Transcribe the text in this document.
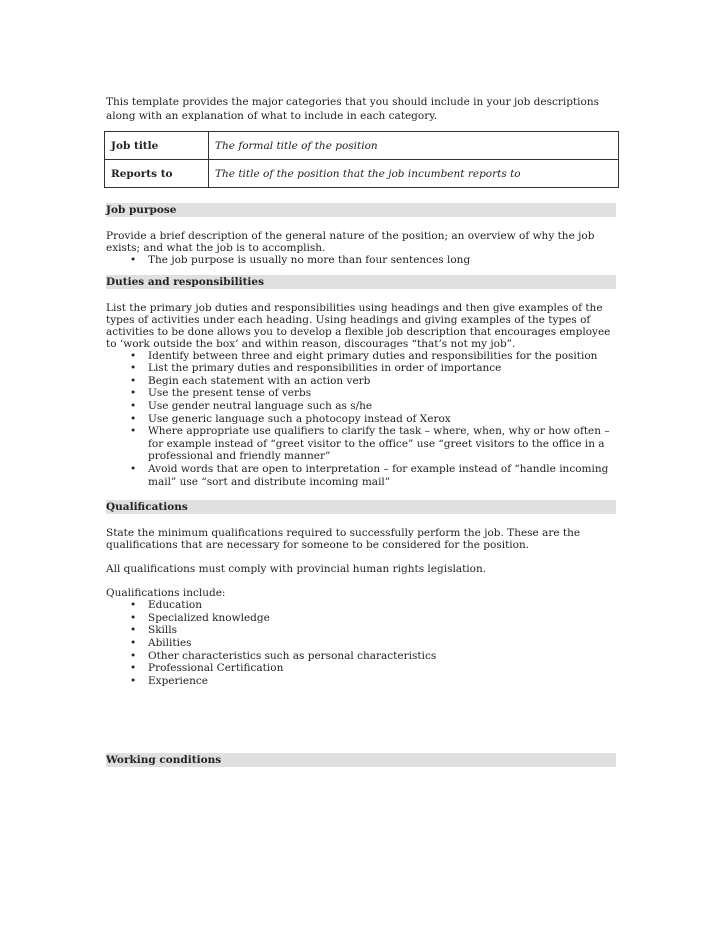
This template provides the major categories that you should include in your job descriptions along with an explanation of what to include in each category.

Job title	The formal title of the position
Reports to	The title of the position that the job incumbent reports to
Job purpose

Provide a brief description of the general nature of the position; an overview of why the job exists; and what the job is to accomplish.

• The job purpose is usually no more than four sentences long
Duties and responsibilities

List the primary job duties and responsibilities using headings and then give examples of the types of activities under each heading. Using headings and giving examples of the types of activities to be done allows you to develop a flexible job description that encourages employee to ‘work outside the box’ and within reason, discourages “that’s not my job”.

• Identify between three and eight primary duties and responsibilities for the position
• List the primary duties and responsibilities in order of importance
• Begin each statement with an action verb
• Use the present tense of verbs
• Use gender neutral language such as s/he
• Use generic language such a photocopy instead of Xerox
• Where appropriate use qualifiers to clarify the task – where, when, why or how often – for example instead of “greet visitor to the office” use “greet visitors to the office in a professional and friendly manner”
• Avoid words that are open to interpretation – for example instead of “handle incoming mail” use “sort and distribute incoming mail”
Qualifications

State the minimum qualifications required to successfully perform the job. These are the qualifications that are necessary for someone to be considered for the position.

All qualifications must comply with provincial human rights legislation.

Qualifications include:

• Education
• Specialized knowledge
• Skills
• Abilities
• Other characteristics such as personal characteristics
• Professional Certification
• Experience
Working conditions
